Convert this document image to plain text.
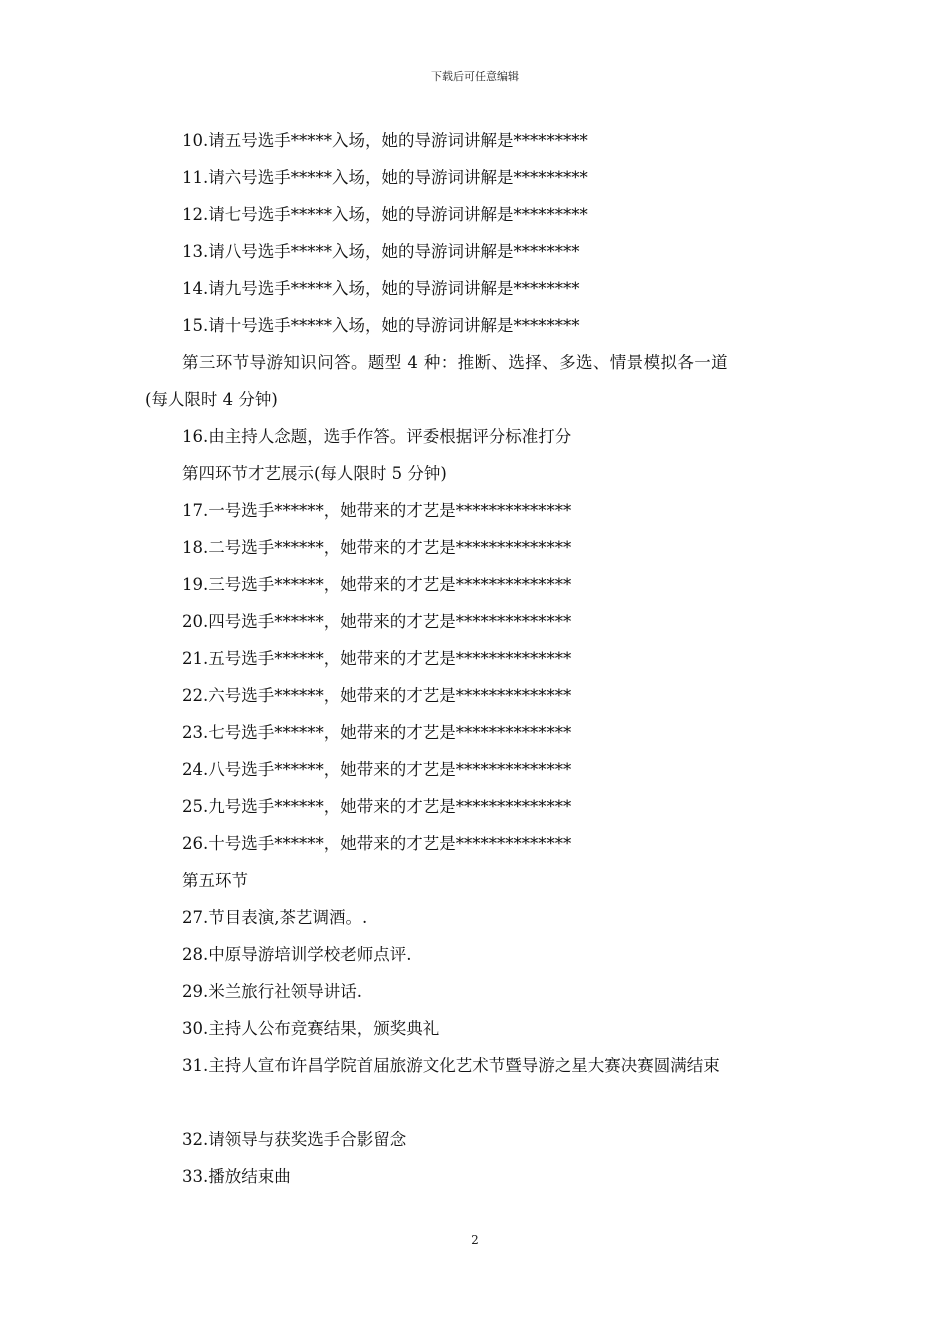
下载后可任意编辑
10.请五号选手*****入场，她的导游词讲解是*********
11.请六号选手*****入场，她的导游词讲解是*********
12.请七号选手*****入场，她的导游词讲解是*********
13.请八号选手*****入场，她的导游词讲解是********
14.请九号选手*****入场，她的导游词讲解是********
15.请十号选手*****入场，她的导游词讲解是********
第三环节导游知识问答。题型 4 种：推断、选择、多选、情景模拟各一道
(每人限时 4 分钟)
16.由主持人念题，选手作答。评委根据评分标准打分
第四环节才艺展示(每人限时 5 分钟)
17.一号选手******，她带来的才艺是**************
18.二号选手******，她带来的才艺是**************
19.三号选手******，她带来的才艺是**************
20.四号选手******，她带来的才艺是**************
21.五号选手******，她带来的才艺是**************
22.六号选手******，她带来的才艺是**************
23.七号选手******，她带来的才艺是**************
24.八号选手******，她带来的才艺是**************
25.九号选手******，她带来的才艺是**************
26.十号选手******，她带来的才艺是**************
第五环节
27.节目表演,茶艺调酒。.
28.中原导游培训学校老师点评.
29.米兰旅行社领导讲话.
30.主持人公布竞赛结果，颁奖典礼
31.主持人宣布许昌学院首届旅游文化艺术节暨导游之星大赛决赛圆满结束
32.请领导与获奖选手合影留念
33.播放结束曲
2
